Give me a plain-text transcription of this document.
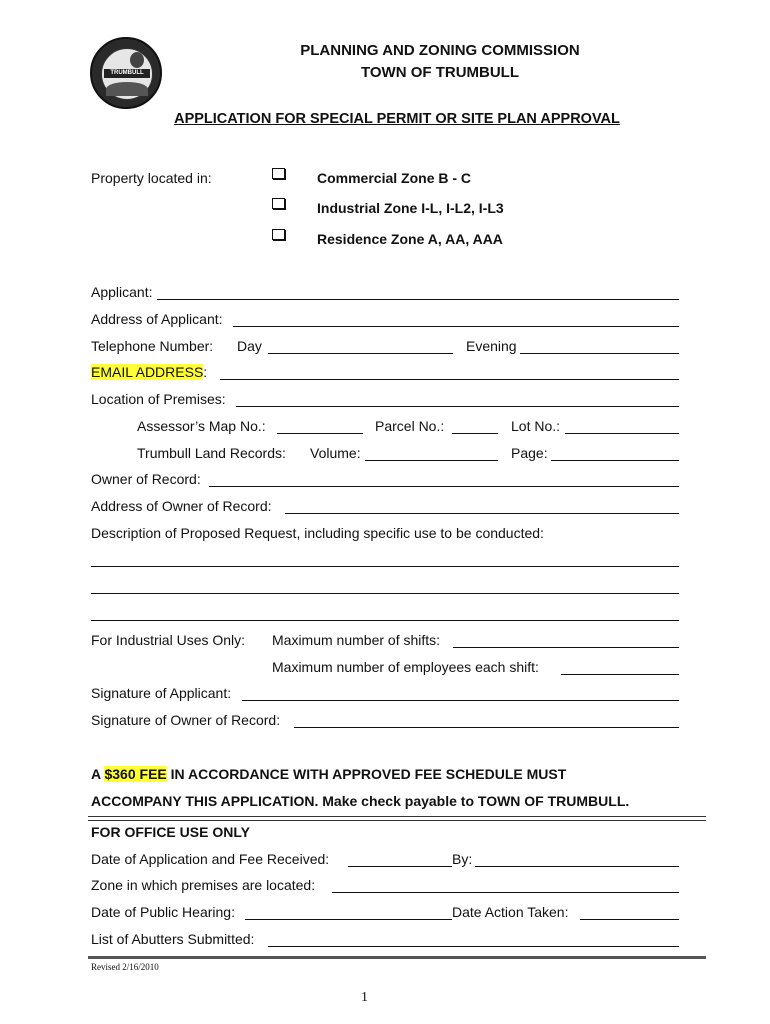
TRUMBULL
PLANNING AND ZONING COMMISSION
TOWN OF TRUMBULL
APPLICATION FOR SPECIAL PERMIT OR SITE PLAN APPROVAL
Property located in:	Commercial Zone B - C
Industrial Zone I-L, I-L2, I-L3
Residence Zone A, AA, AAA
Applicant:
Address of Applicant:
Telephone Number: Day	Evening
EMAIL ADDRESS:
Location of Premises:
Assessor’s Map No.:	Parcel No.:	Lot No.:
Trumbull Land Records: Volume:	Page:
Owner of Record:
Address of Owner of Record:
Description of Proposed Request, including specific use to be conducted:
For Industrial Uses Only: Maximum number of shifts:
Maximum number of employees each shift:
Signature of Applicant:
Signature of Owner of Record:
A $360 FEE IN ACCORDANCE WITH APPROVED FEE SCHEDULE MUST
ACCOMPANY THIS APPLICATION. Make check payable to TOWN OF TRUMBULL.
FOR OFFICE USE ONLY
Date of Application and Fee Received:	By:
Zone in which premises are located:
Date of Public Hearing:	Date Action Taken:
List of Abutters Submitted:
Revised 2/16/2010
1
